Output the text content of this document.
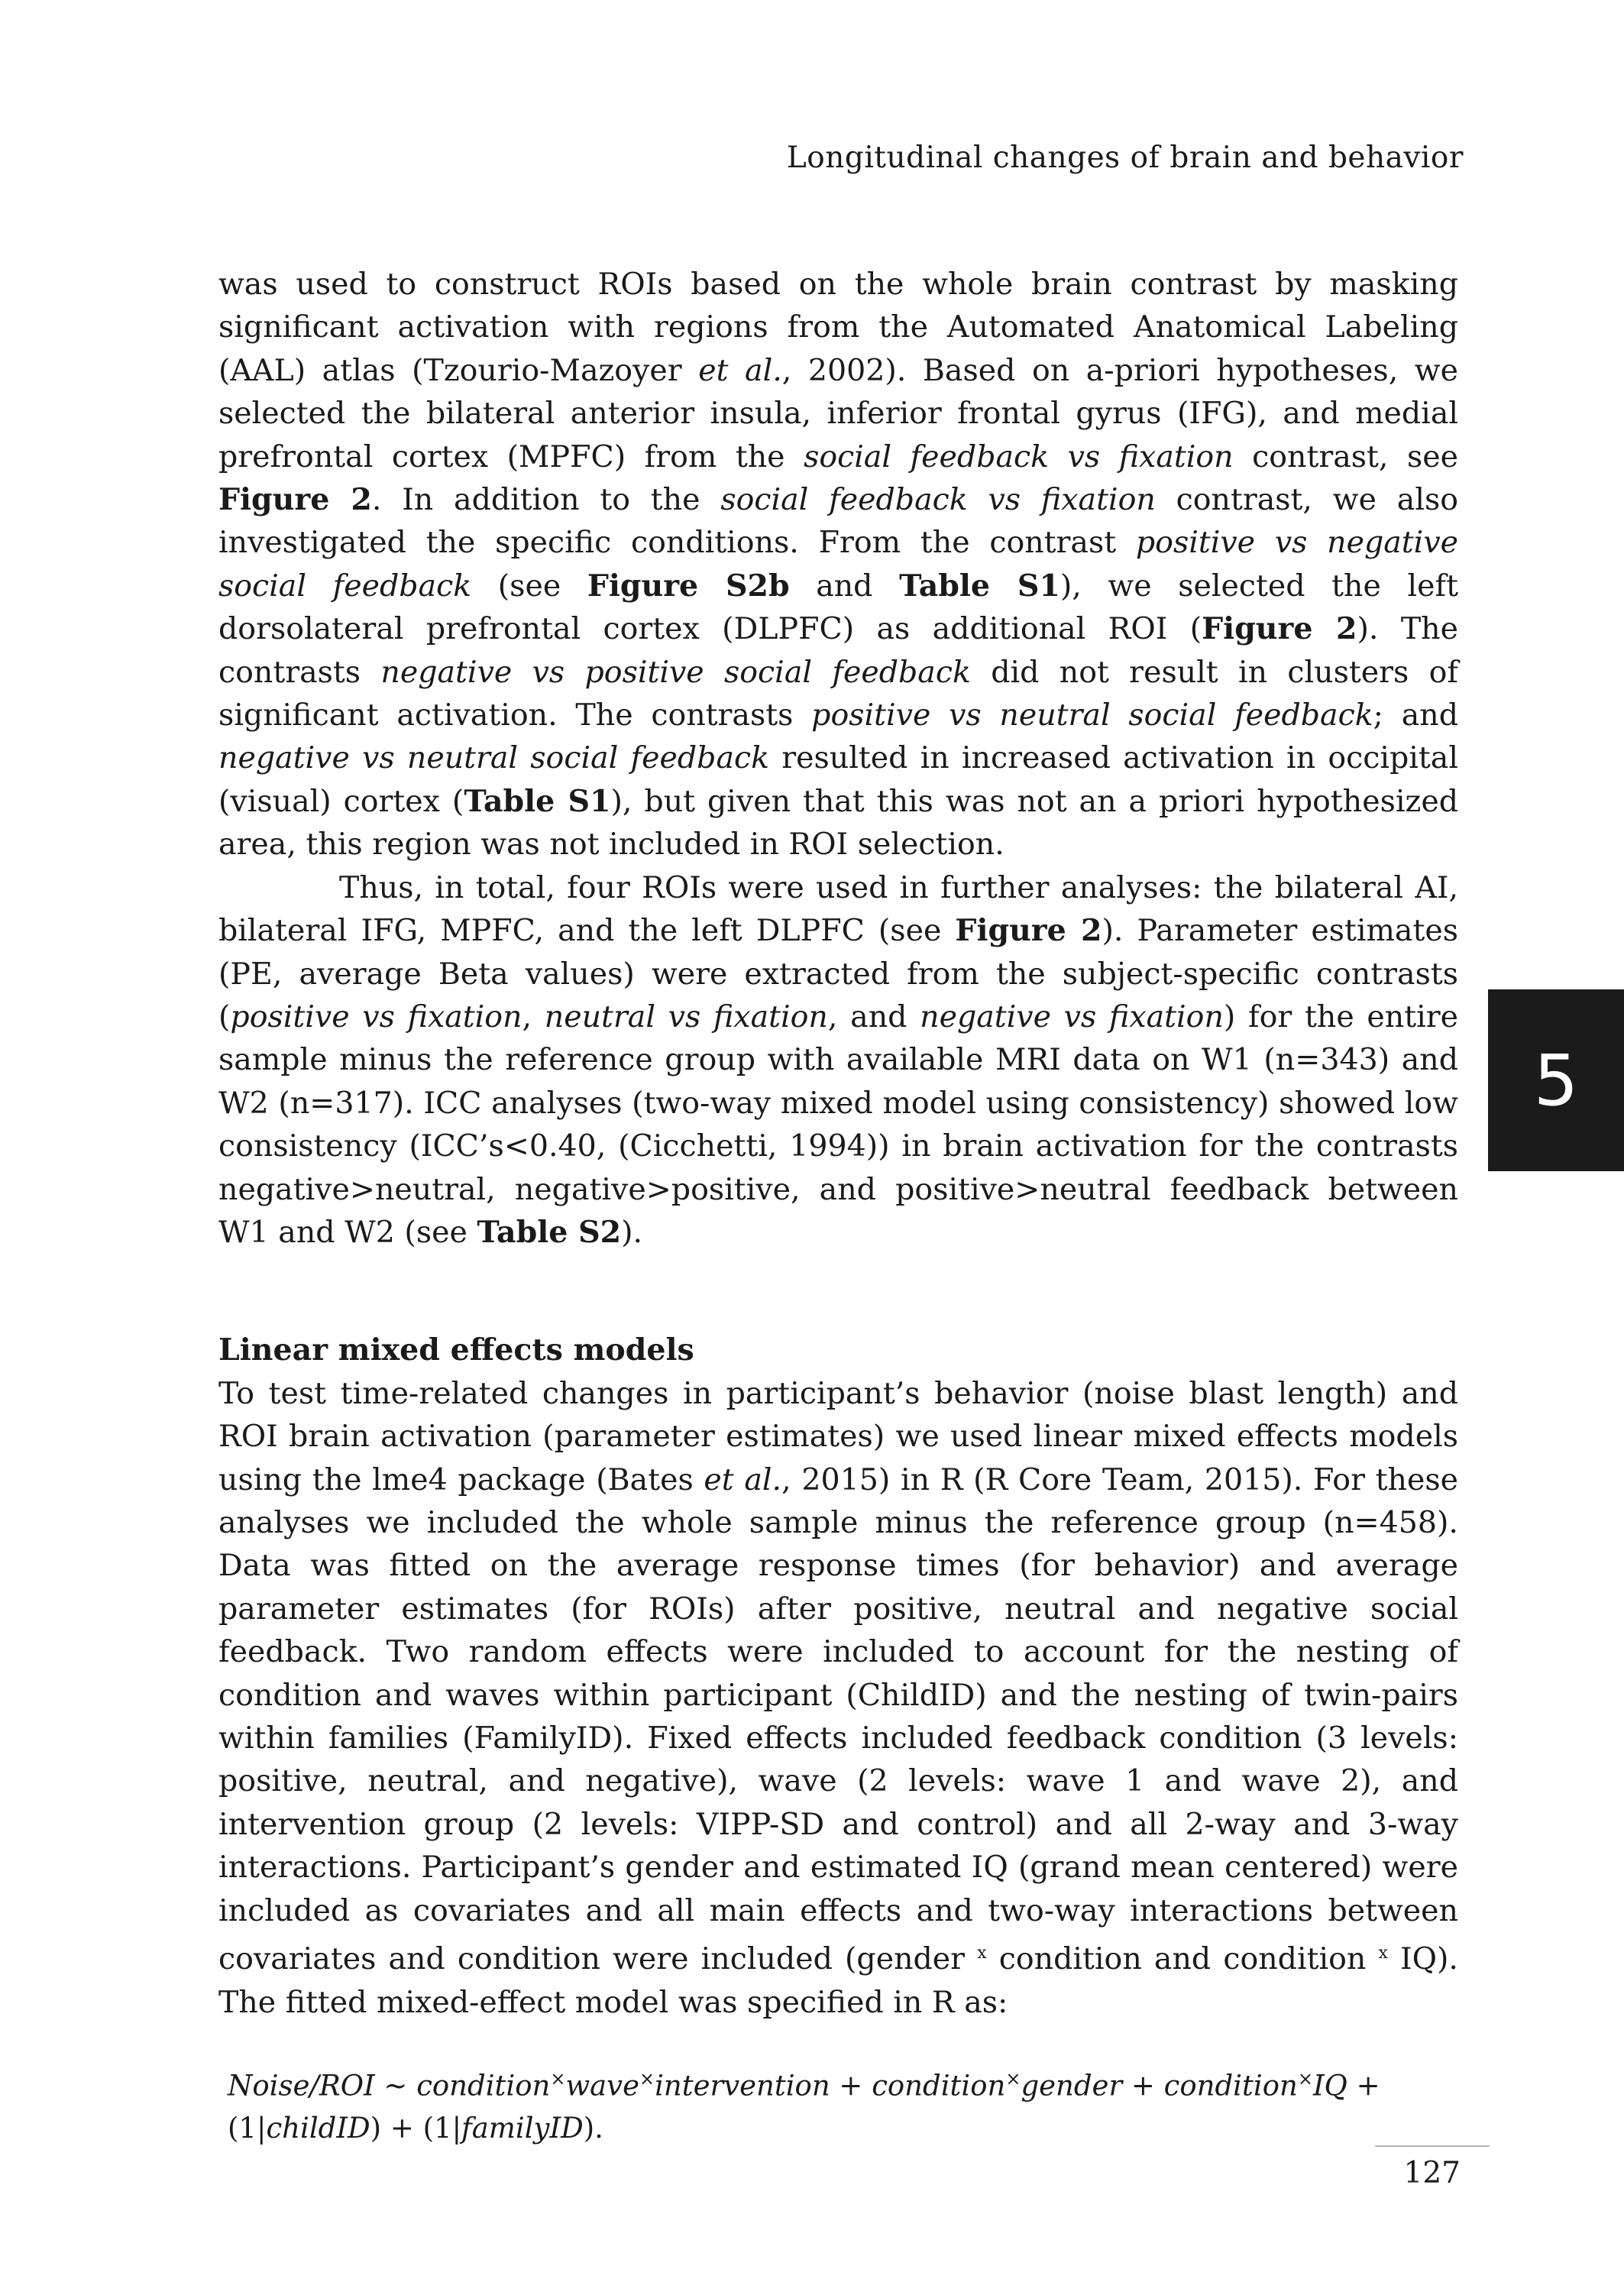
Longitudinal changes of brain and behavior
5

was used to construct ROIs based on the whole brain contrast by masking significant activation with regions from the Automated Anatomical Labeling (AAL) atlas (Tzourio-Mazoyer et al., 2002). Based on a-priori hypotheses, we selected the bilateral anterior insula, inferior frontal gyrus (IFG), and medial prefrontal cortex (MPFC) from the social feedback vs fixation contrast, see Figure 2. In addition to the social feedback vs fixation contrast, we also investigated the specific conditions. From the contrast positive vs negative social feedback (see Figure S2b and Table S1), we selected the left dorsolateral prefrontal cortex (DLPFC) as additional ROI (Figure 2). The contrasts negative vs positive social feedback did not result in clusters of significant activation. The contrasts positive vs neutral social feedback; and negative vs neutral social feedback resulted in increased activation in occipital (visual) cortex (Table S1), but given that this was not an a priori hypothesized area, this region was not included in ROI selection.

Thus, in total, four ROIs were used in further analyses: the bilateral AI, bilateral IFG, MPFC, and the left DLPFC (see Figure 2). Parameter estimates (PE, average Beta values) were extracted from the subject-specific contrasts (positive vs fixation, neutral vs fixation, and negative vs fixation) for the entire sample minus the reference group with available MRI data on W1 (n=343) and W2 (n=317). ICC analyses (two-way mixed model using consistency) showed low consistency (ICC’s<0.40, (Cicchetti, 1994)) in brain activation for the contrasts negative>neutral, negative>positive, and positive>neutral feedback between W1 and W2 (see Table S2).

Linear mixed effects models

To test time-related changes in participant’s behavior (noise blast length) and ROI brain activation (parameter estimates) we used linear mixed effects models using the lme4 package (Bates et al., 2015) in R (R Core Team, 2015). For these analyses we included the whole sample minus the reference group (n=458). Data was fitted on the average response times (for behavior) and average parameter estimates (for ROIs) after positive, neutral and negative social feedback. Two random effects were included to account for the nesting of condition and waves within participant (ChildID) and the nesting of twin-pairs within families (FamilyID). Fixed effects included feedback condition (3 levels: positive, neutral, and negative), wave (2 levels: wave 1 and wave 2), and intervention group (2 levels: VIPP-SD and control) and all 2-way and 3-way interactions. Participant’s gender and estimated IQ (grand mean centered) were included as covariates and all main effects and two-way interactions between covariates and condition were included (gender $^x$ condition and condition $^x$ IQ). The fitted mixed-effect model was specified in R as:

Noise/ROI ~ condition×wave×intervention + condition×gender + condition×IQ +
(1|childID) + (1|familyID).
127
